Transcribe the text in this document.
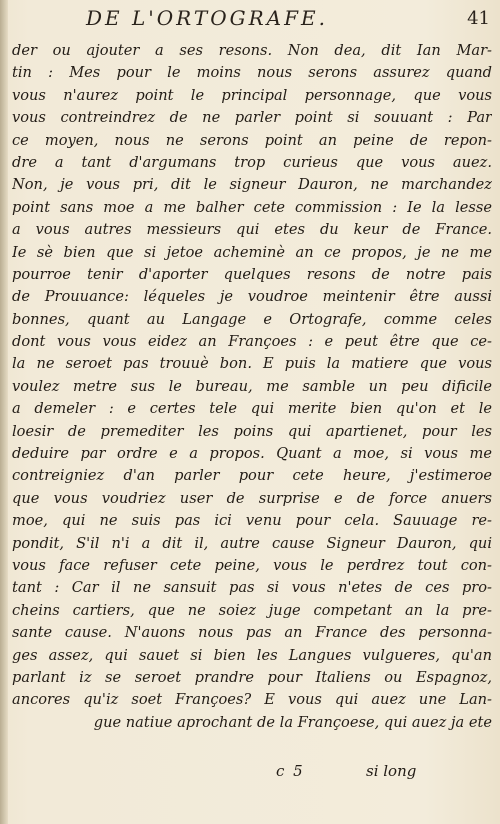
DE L'ORTOGRAFE.	41
der ou ajouter a ses resons. Non dea, dit Ian Mar-
tin : Mes pour le moins nous serons assurez quand
vous n'aurez point le principal personnage, que vous
vous contreindrez de ne parler point si souuant : Par
ce moyen, nous ne serons point an peine de repon-
dre a tant d'argumans trop curieus que vous auez.
Non, je vous pri, dit le signeur Dauron, ne marchandez
point sans moe a me balher cete commission : Ie la lesse
a vous autres messieurs qui etes du keur de France.
Ie sè bien que si jetoe acheminè an ce propos, je ne me
pourroe tenir d'aporter quelques resons de notre pais
de Prouuance: léqueles je voudroe meintenir être aussi
bonnes, quant au Langage e Ortografe, comme celes
dont vous vous eidez an Françoes : e peut être que ce-
la ne seroet pas trouuè bon. E puis la matiere que vous
voulez metre sus le bureau, me samble un peu dificile
a demeler : e certes tele qui merite bien qu'on et le
loesir de premediter les poins qui apartienet, pour les
deduire par ordre e a propos. Quant a moe, si vous me
contreigniez d'an parler pour cete heure, j'estimeroe
que vous voudriez user de surprise e de force anuers
moe, qui ne suis pas ici venu pour cela. Sauuage re-
pondit, S'il n'i a dit il, autre cause Signeur Dauron, qui
vous face refuser cete peine, vous le perdrez tout con-
tant : Car il ne sansuit pas si vous n'etes de ces pro-
cheins cartiers, que ne soiez juge competant an la pre-
sante cause. N'auons nous pas an France des personna-
ges assez, qui sauet si bien les Langues vulgueres, qu'an
parlant iz se seroet prandre pour Italiens ou Espagnoz,
ancores qu'iz soet Françoes? E vous qui auez une Lan-
gue natiue aprochant de la Françoese, qui auez ja ete
c 5	si long
